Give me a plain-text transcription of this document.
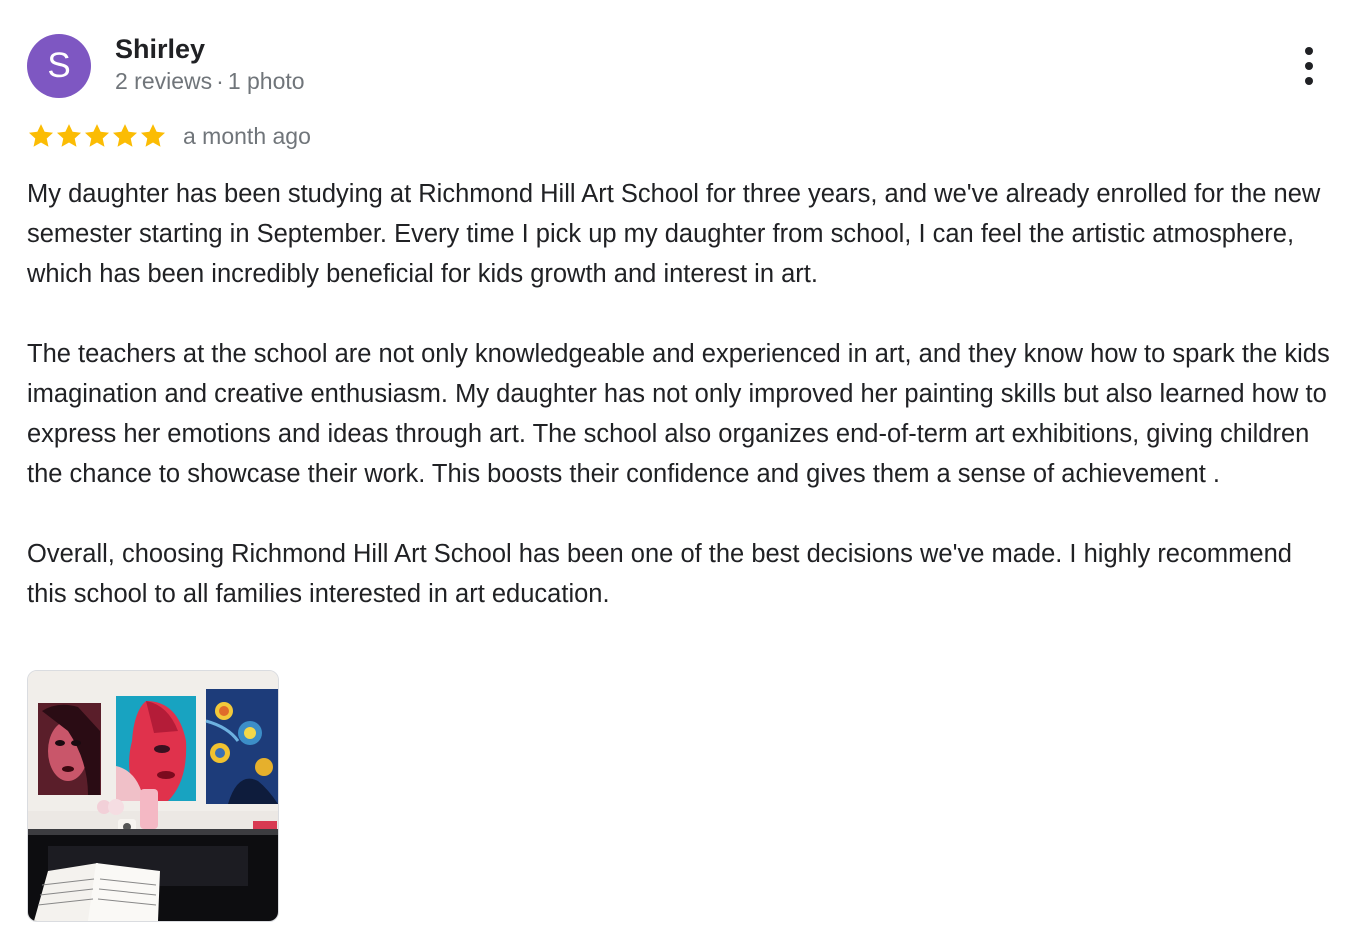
S Shirley
2 reviews · 1 photo
a month ago

My daughter has been studying at Richmond Hill Art School for three years, and we've already enrolled for the new semester starting in September. Every time I pick up my daughter from school, I can feel the artistic atmosphere, which has been incredibly beneficial for kids growth and interest in art.

The teachers at the school are not only knowledgeable and experienced in art, and they know how to spark the kids imagination and creative enthusiasm. My daughter has not only improved her painting skills but also learned how to express her emotions and ideas through art. The school also organizes end-of-term art exhibitions, giving children the chance to showcase their work. This boosts their confidence and gives them a sense of achievement .

Overall, choosing Richmond Hill Art School has been one of the best decisions we've made. I highly recommend this school to all families interested in art education.
